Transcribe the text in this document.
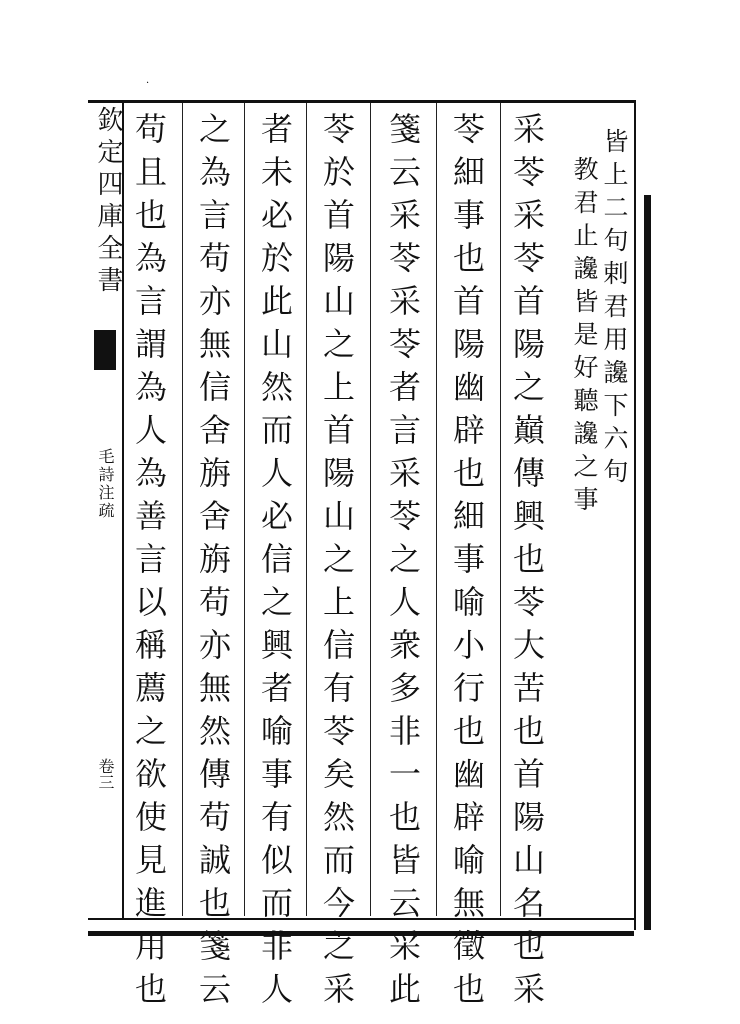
·
欽定四庫全書
毛詩注疏
卷三
皆上二句剌君用讒下六句
教君止讒皆是好聽讒之事
采苓采苓首陽之巔傳興也苓大苦也首陽山名也采
苓細事也首陽幽辟也細事喻小行也幽辟喻無徵也
箋云采苓采苓者言采苓之人衆多非一也皆云采此
苓於首陽山之上首陽山之上信有苓矣然而今之采
者未必於此山然而人必信之興者喻事有似而非人
之為言苟亦無信舍旃舍旃苟亦無然傳苟誠也箋云
苟且也為言謂為人為善言以稱薦之欲使見進用也
